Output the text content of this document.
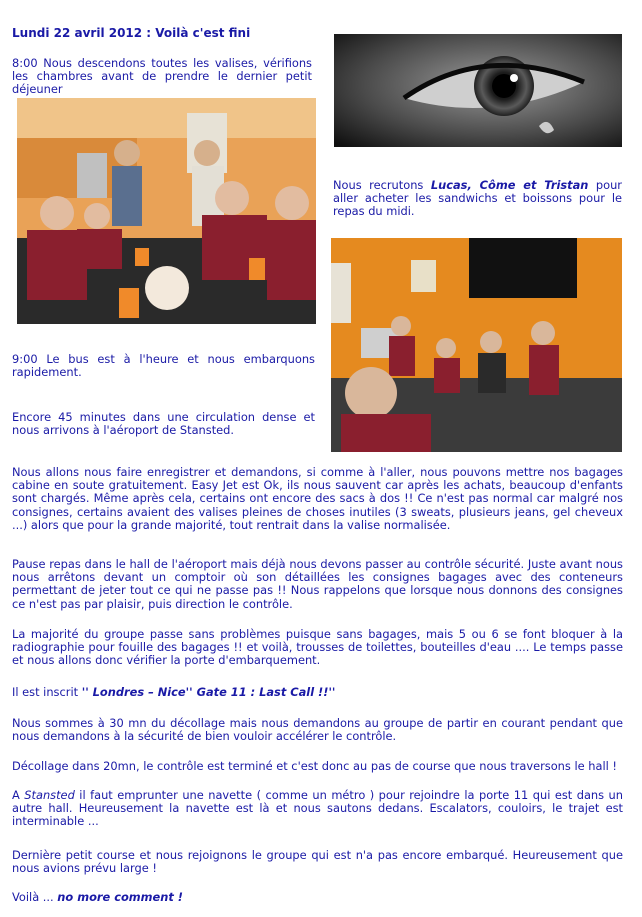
Lundi 22 avril 2012 : Voilà c'est fini
8:00 Nous descendons toutes les valises, vérifions les chambres avant de prendre le dernier petit déjeuner
Nous recrutons Lucas, Côme et Tristan pour aller acheter les sandwichs et boissons pour le repas du midi.
9:00 Le bus est à l'heure et nous embarquons rapidement.
Encore 45 minutes dans une circulation dense et nous arrivons à l'aéroport de Stansted.
Nous allons nous faire enregistrer et demandons, si comme à l'aller, nous pouvons mettre nos bagages cabine en soute gratuitement. Easy Jet est Ok, ils nous sauvent car après les achats, beaucoup d'enfants sont chargés. Même après cela, certains ont encore des sacs à dos !! Ce n'est pas normal car malgré nos consignes, certains avaient des valises pleines de choses inutiles (3 sweats, plusieurs jeans, gel cheveux ...) alors que pour la grande majorité, tout rentrait dans la valise normalisée.
Pause repas dans le hall de l'aéroport mais déjà nous devons passer au contrôle sécurité. Juste avant nous nous arrêtons devant un comptoir où son détaillées les consignes bagages avec des conteneurs permettant de jeter tout ce qui ne passe pas !! Nous rappelons que lorsque nous donnons des consignes ce n'est pas par plaisir, puis direction le contrôle.
La majorité du groupe passe sans problèmes puisque sans bagages, mais 5 ou 6 se font bloquer à la radiographie pour fouille des bagages !! et voilà, trousses de toilettes, bouteilles d'eau .... Le temps passe et nous allons donc vérifier la porte d'embarquement.
Il est inscrit '' Londres – Nice'' Gate 11 : Last Call !!''
Nous sommes à 30 mn du décollage mais nous demandons au groupe de partir en courant pendant que nous demandons à la sécurité de bien vouloir accélérer le contrôle.
Décollage dans 20mn, le contrôle est terminé et c'est donc au pas de course que nous traversons le hall !
A Stansted il faut emprunter une navette ( comme un métro ) pour rejoindre la porte 11 qui est dans un autre hall. Heureusement la navette est là et nous sautons dedans. Escalators, couloirs, le trajet est interminable ...
Dernière petit course et nous rejoignons le groupe qui est n'a pas encore embarqué. Heureusement que nous avions prévu large !
Voilà ... no more comment !
